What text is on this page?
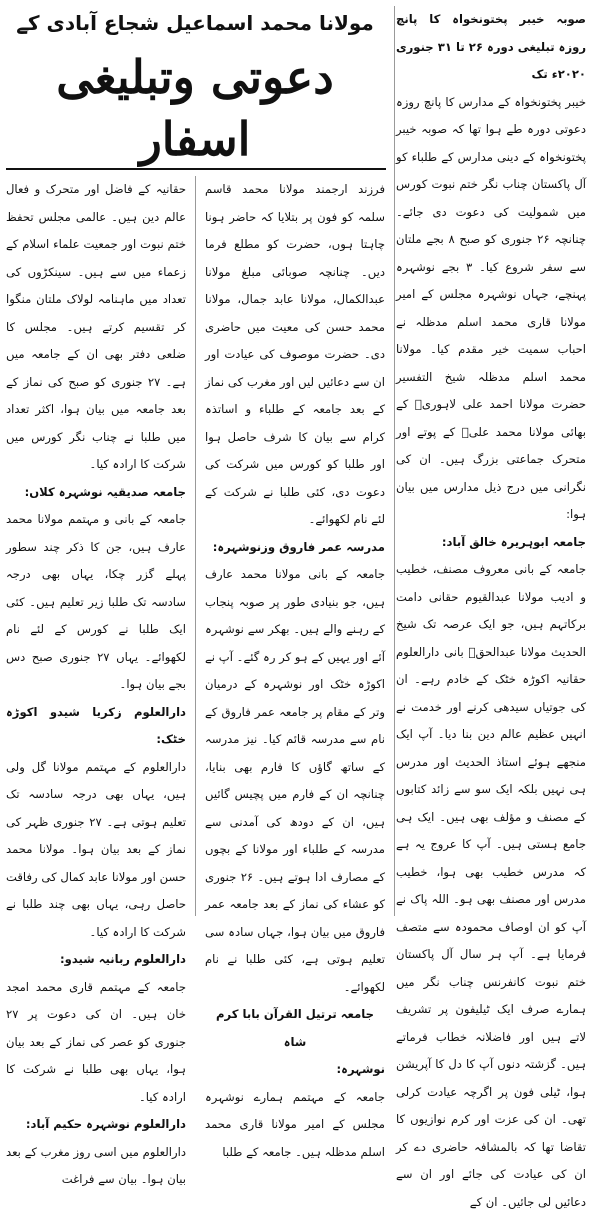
صوبہ خیبر پختونخواہ کا پانچ روزہ تبلیغی دورہ ۲۶ تا ۳۱ جنوری ۲۰۲۰ء تک

خیبر پختونخواہ کے مدارس کا پانچ روزہ دعوتی دورہ طے ہوا تھا کہ صوبہ خیبر پختونخواہ کے دینی مدارس کے طلباء کو آل پاکستان چناب نگر ختم نبوت کورس میں شمولیت کی دعوت دی جائے۔ چنانچہ ۲۶ جنوری کو صبح ۸ بجے ملتان سے سفر شروع کیا۔ ۳ بجے نوشہرہ پہنچے، جہاں نوشہرہ مجلس کے امیر مولانا قاری محمد اسلم مدظلہ نے احباب سمیت خیر مقدم کیا۔ مولانا محمد اسلم مدظلہ شیخ التفسیر حضرت مولانا احمد علی لاہوریؒ کے بھائی مولانا محمد علیؒ کے پوتے اور متحرک جماعتی بزرگ ہیں۔ ان کی نگرانی میں درج ذیل مدارس میں بیان ہوا:

جامعہ ابوہریرہ خالق آباد:

جامعہ کے بانی معروف مصنف، خطیب و ادیب مولانا عبدالقیوم حقانی دامت برکاتہم ہیں، جو ایک عرصہ تک شیخ الحدیث مولانا عبدالحقؒ بانی دارالعلوم حقانیہ اکوڑہ خٹک کے خادم رہے۔ ان کی جوتیاں سیدھی کرنے اور خدمت نے انہیں عظیم عالم دین بنا دیا۔ آپ ایک منجھے ہوئے استاذ الحدیث اور مدرس ہی نہیں بلکہ ایک سو سے زائد کتابوں کے مصنف و مؤلف بھی ہیں۔ ایک ہی جامع ہستی ہیں۔ آپ کا عروج یہ ہے کہ مدرس خطیب بھی ہوا، خطیب مدرس اور مصنف بھی ہو۔ اللہ پاک نے آپ کو ان اوصاف محمودہ سے متصف فرمایا ہے۔ آپ ہر سال آل پاکستان ختم نبوت کانفرنس چناب نگر میں ہمارے صرف ایک ٹیلیفون پر تشریف لاتے ہیں اور فاضلانہ خطاب فرماتے ہیں۔ گزشتہ دنوں آپ کا دل کا آپریشن ہوا، ٹیلی فون پر اگرچہ عیادت کرلی تھی۔ ان کی عزت اور کرم نوازیوں کا تقاضا تھا کہ بالمشافہ حاضری دے کر ان کی عیادت کی جائے اور ان سے دعائیں لی جائیں۔ ان کے

مولانا محمد اسماعیل شجاع آبادی کے
دعوتی وتبلیغی اسفار

فرزند ارجمند مولانا محمد قاسم سلمہ کو فون پر بتلایا کہ حاضر ہونا چاہتا ہوں، حضرت کو مطلع فرما دیں۔ چنانچہ صوبائی مبلغ مولانا عبدالکمال، مولانا عابد جمال، مولانا محمد حسن کی معیت میں حاضری دی۔ حضرت موصوف کی عیادت اور ان سے دعائیں لیں اور مغرب کی نماز کے بعد جامعہ کے طلباء و اساتذہ کرام سے بیان کا شرف حاصل ہوا اور طلبا کو کورس میں شرکت کی دعوت دی، کئی طلبا نے شرکت کے لئے نام لکھوائے۔

مدرسہ عمر فاروق وزنوشہرہ:

جامعہ کے بانی مولانا محمد عارف ہیں، جو بنیادی طور پر صوبہ پنجاب کے رہنے والے ہیں۔ بھکر سے نوشہرہ آئے اور یہیں کے ہو کر رہ گئے۔ آپ نے اکوڑہ خٹک اور نوشہرہ کے درمیان وتر کے مقام پر جامعہ عمر فاروق کے نام سے مدرسہ قائم کیا۔ نیز مدرسہ کے ساتھ گاؤں کا فارم بھی بنایا، چنانچہ ان کے فارم میں پچیس گائیں ہیں، ان کے دودھ کی آمدنی سے مدرسہ کے طلباء اور مولانا کے بچوں کے مصارف ادا ہوتے ہیں۔ ۲۶ جنوری کو عشاء کی نماز کے بعد جامعہ عمر فاروق میں بیان ہوا، جہاں سادہ سی تعلیم ہوتی ہے، کئی طلبا نے نام لکھوائے۔

جامعہ ترتیل القرآن بابا کرم شاہ

نوشہرہ:

جامعہ کے مہتمم ہمارے نوشہرہ مجلس کے امیر مولانا قاری محمد اسلم مدظلہ ہیں۔ جامعہ کے طلبا

حقانیہ کے فاضل اور متحرک و فعال عالم دین ہیں۔ عالمی مجلس تحفظ ختم نبوت اور جمعیت علماء اسلام کے زعماء میں سے ہیں۔ سینکڑوں کی تعداد میں ماہنامہ لولاک ملتان منگوا کر تقسیم کرتے ہیں۔ مجلس کا ضلعی دفتر بھی ان کے جامعہ میں ہے۔ ۲۷ جنوری کو صبح کی نماز کے بعد جامعہ میں بیان ہوا، اکثر تعداد میں طلبا نے چناب نگر کورس میں شرکت کا ارادہ کیا۔

جامعہ صدیقیہ نوشہرہ کلاں:

جامعہ کے بانی و مہتمم مولانا محمد عارف ہیں، جن کا ذکر چند سطور پہلے گزر چکا، یہاں بھی درجہ سادسہ تک طلبا زیر تعلیم ہیں۔ کئی ایک طلبا نے کورس کے لئے نام لکھوائے۔ یہاں ۲۷ جنوری صبح دس بجے بیان ہوا۔

دارالعلوم زکریا شیدو اکوڑہ خٹک:

دارالعلوم کے مہتمم مولانا گل ولی ہیں، یہاں بھی درجہ سادسہ تک تعلیم ہوتی ہے۔ ۲۷ جنوری ظہر کی نماز کے بعد بیان ہوا۔ مولانا محمد حسن اور مولانا عابد کمال کی رفاقت حاصل رہی، یہاں بھی چند طلبا نے شرکت کا ارادہ کیا۔

دارالعلوم ربانیہ شیدو:

جامعہ کے مہتمم قاری محمد امجد خان ہیں۔ ان کی دعوت پر ۲۷ جنوری کو عصر کی نماز کے بعد بیان ہوا، یہاں بھی طلبا نے شرکت کا ارادہ کیا۔

دارالعلوم نوشہرہ حکیم آباد:

دارالعلوم میں اسی روز مغرب کے بعد بیان ہوا۔ بیان سے فراغت
